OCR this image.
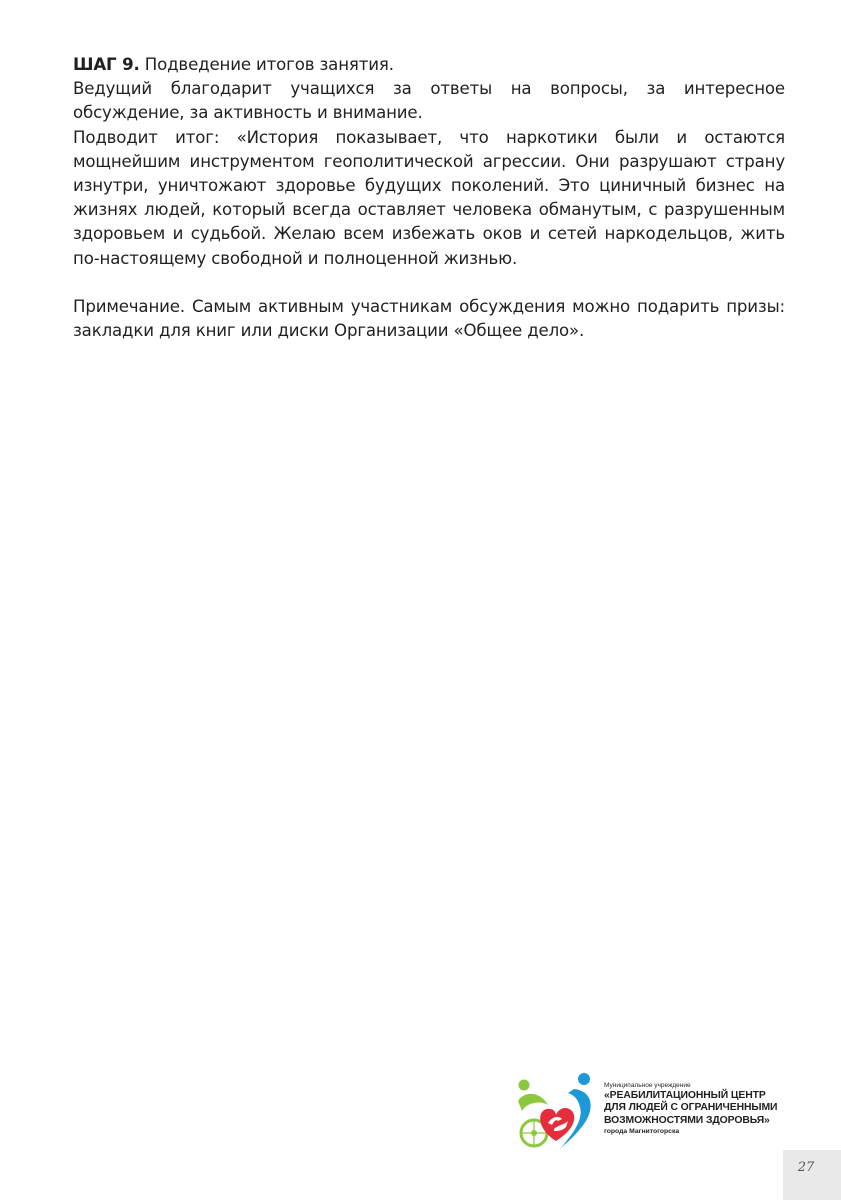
ШАГ 9. Подведение итогов занятия.

Ведущий благодарит учащихся за ответы на вопросы, за интересное обсуждение, за активность и внимание.

Подводит итог: «История показывает, что наркотики были и остаются мощнейшим инструментом геополитической агрессии. Они разрушают страну изнутри, уничтожают здоровье будущих поколений. Это циничный бизнес на жизнях людей, который всегда оставляет человека обманутым, с разрушенным здоровьем и судьбой. Желаю всем избежать оков и сетей наркодельцов, жить по-настоящему свободной и полноценной жизнью.

Примечание. Самым активным участникам обсуждения можно подарить призы: закладки для книг или диски Организации «Общее дело».

Муниципальное учреждение
«РЕАБИЛИТАЦИОННЫЙ ЦЕНТР
ДЛЯ ЛЮДЕЙ С ОГРАНИЧЕННЫМИ
ВОЗМОЖНОСТЯМИ ЗДОРОВЬЯ»
города Магнитогорска
27
